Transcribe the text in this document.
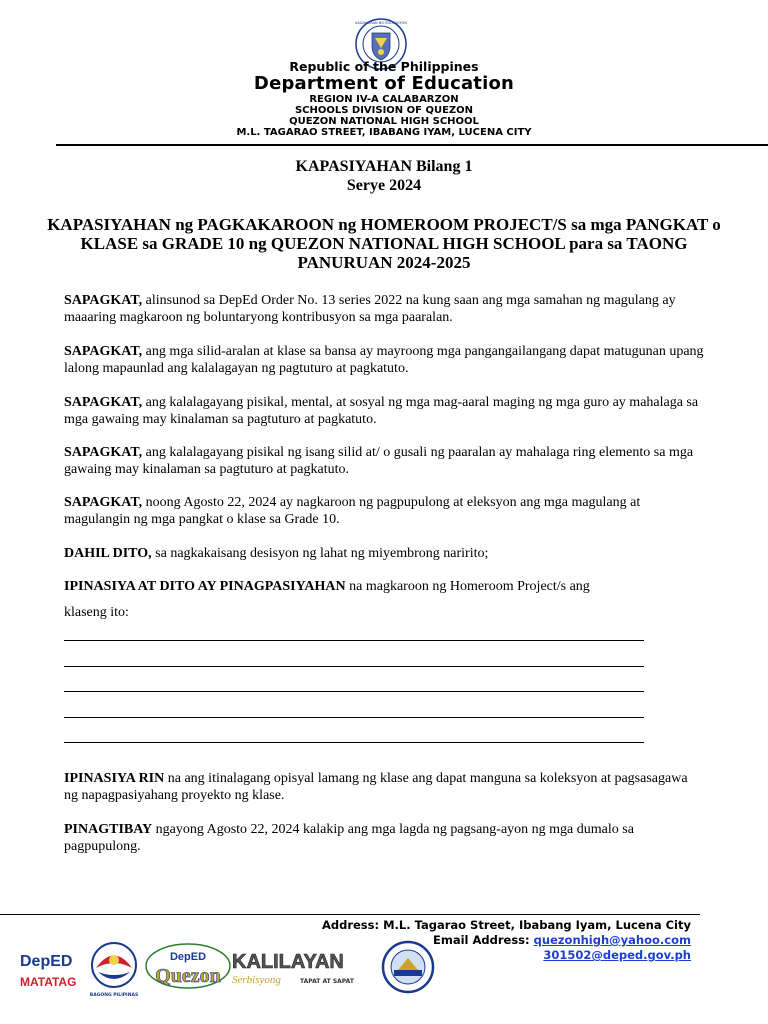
KAGAWARAN NG EDUKASYON
Republic of the Philippines
Department of Education
REGION IV-A CALABARZON
SCHOOLS DIVISION OF QUEZON
QUEZON NATIONAL HIGH SCHOOL
M.L. TAGARAO STREET, IBABANG IYAM, LUCENA CITY
KAPASIYAHAN Bilang 1
Serye 2024
KAPASIYAHAN ng PAGKAKAROON ng HOMEROOM PROJECT/S sa mga PANGKAT o KLASE sa GRADE 10 ng QUEZON NATIONAL HIGH SCHOOL para sa TAONG PANURUAN 2024-2025
SAPAGKAT, alinsunod sa DepEd Order No. 13 series 2022 na kung saan ang mga samahan ng magulang ay maaaring magkaroon ng boluntaryong kontribusyon sa mga paaralan.
SAPAGKAT, ang mga silid-aralan at klase sa bansa ay mayroong mga pangangailangang dapat matugunan upang lalong mapaunlad ang kalalagayan ng pagtuturo at pagkatuto.
SAPAGKAT, ang kalalagayang pisikal, mental, at sosyal ng mga mag-aaral maging ng mga guro ay mahalaga sa mga gawaing may kinalaman sa pagtuturo at pagkatuto.
SAPAGKAT, ang kalalagayang pisikal ng isang silid at/ o gusali ng paaralan ay mahalaga ring elemento sa mga gawaing may kinalaman sa pagtuturo at pagkatuto.
SAPAGKAT, noong Agosto 22, 2024 ay nagkaroon ng pagpupulong at eleksyon ang mga magulang at magulangin ng mga pangkat o klase sa Grade 10.
DAHIL DITO, sa nagkakaisang desisyon ng lahat ng miyembrong naririto;
IPINASIYA AT DITO AY PINAGPASIYAHAN na magkaroon ng Homeroom Project/s ang
klaseng ito:
IPINASIYA RIN na ang itinalagang opisyal lamang ng klase ang dapat manguna sa koleksyon at pagsasagawa ng napagpasiyahang proyekto ng klase.
PINAGTIBAY ngayong Agosto 22, 2024 kalakip ang mga lagda ng pagsang-ayon ng mga dumalo sa pagpupulong.
Address: M.L. Tagarao Street, Ibabang Iyam, Lucena City
Email Address: quezonhigh@yahoo.com
301502@deped.gov.ph
DepED
MATATAG
BAGONG PILIPINAS
DepED
Quezon
KALILAYAN
Serbisyong	TAPAT AT SAPAT
